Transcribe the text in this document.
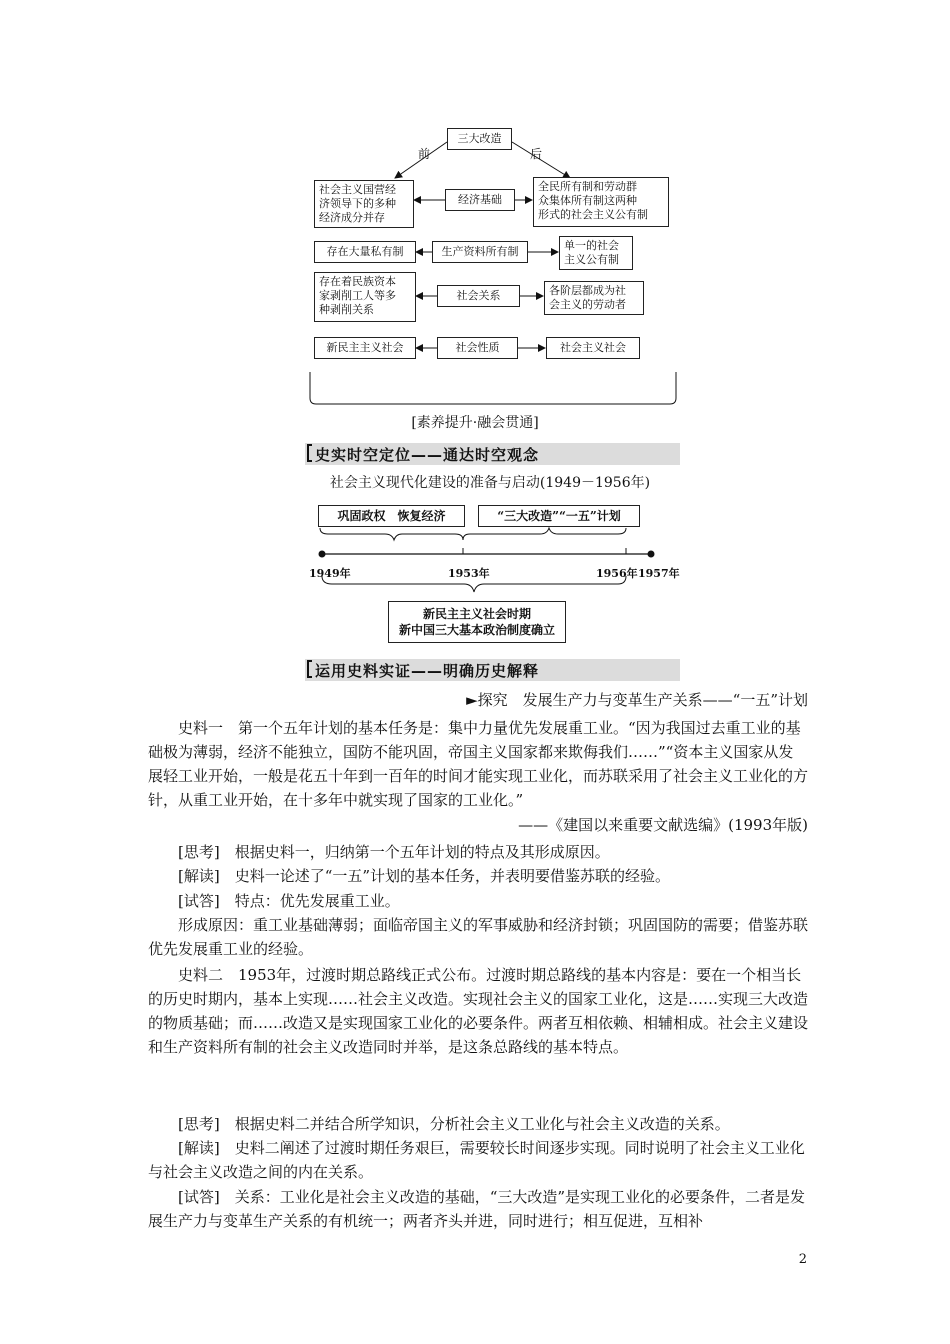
三大改造
前	后
社会主义国营经
济领导下的多种
经济成分并存
经济基础
全民所有制和劳动群
众集体所有制这两种
形式的社会主义公有制
存在大量私有制	生产资料所有制	单一的社会
主义公有制
存在着民族资本
家剥削工人等多
种剥削关系
社会关系	各阶层都成为社
会主义的劳动者
新民主主义社会	社会性质	社会主义社会
[素养提升·融会贯通]
史实时空定位——通达时空观念
社会主义现代化建设的准备与启动(1949－1956年)
巩固政权　恢复经济	“三大改造”“一五”计划
1949年	1953年	1956年 1957年
新民主主义社会时期
新中国三大基本政治制度确立
运用史料实证——明确历史解释
►探究　发展生产力与变革生产关系——“一五”计划
史料一　第一个五年计划的基本任务是：集中力量优先发展重工业。“因为我国过去重工业的基础极为薄弱，经济不能独立，国防不能巩固，帝国主义国家都来欺侮我们……”“资本主义国家从发展轻工业开始，一般是花五十年到一百年的时间才能实现工业化，而苏联采用了社会主义工业化的方针，从重工业开始，在十多年中就实现了国家的工业化。”
——《建国以来重要文献选编》(1993年版)
[思考]　根据史料一，归纳第一个五年计划的特点及其形成原因。
[解读]　史料一论述了“一五”计划的基本任务，并表明要借鉴苏联的经验。
[试答]　特点：优先发展重工业。
形成原因：重工业基础薄弱；面临帝国主义的军事威胁和经济封锁；巩固国防的需要；借鉴苏联优先发展重工业的经验。
史料二　1953年，过渡时期总路线正式公布。过渡时期总路线的基本内容是：要在一个相当长的历史时期内，基本上实现……社会主义改造。实现社会主义的国家工业化，这是……实现三大改造的物质基础；而……改造又是实现国家工业化的必要条件。两者互相依赖、相辅相成。社会主义建设和生产资料所有制的社会主义改造同时并举，是这条总路线的基本特点。
[思考]　根据史料二并结合所学知识，分析社会主义工业化与社会主义改造的关系。
[解读]　史料二阐述了过渡时期任务艰巨，需要较长时间逐步实现。同时说明了社会主义工业化与社会主义改造之间的内在关系。
[试答]　关系：工业化是社会主义改造的基础，“三大改造”是实现工业化的必要条件，二者是发展生产力与变革生产关系的有机统一；两者齐头并进，同时进行；相互促进，互相补
2
